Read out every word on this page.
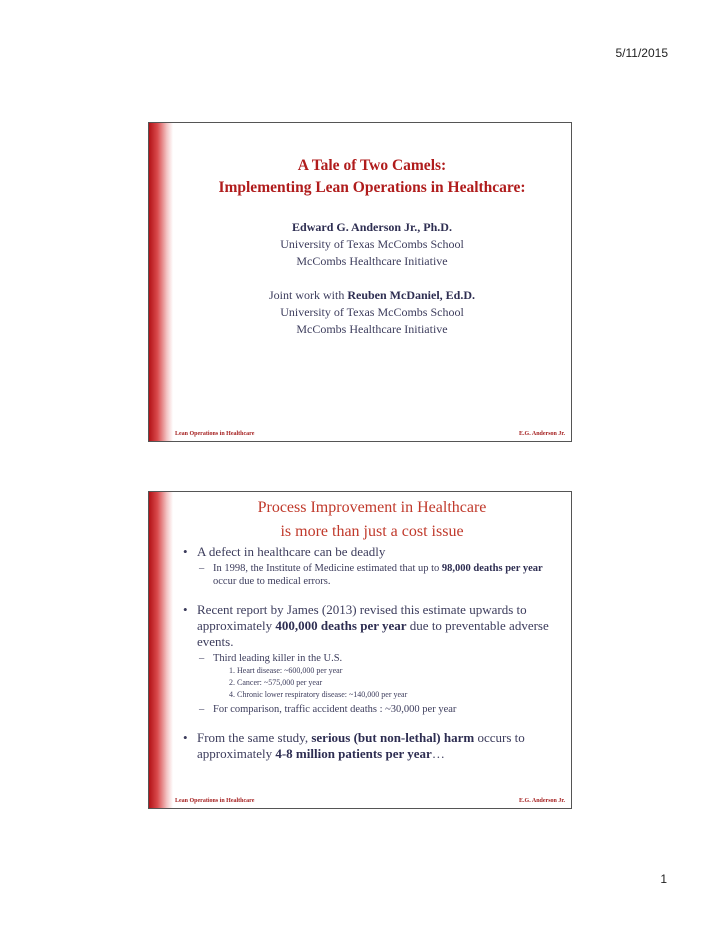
5/11/2015
A Tale of Two Camels:
Implementing Lean Operations in Healthcare:
Edward G. Anderson Jr., Ph.D.
University of Texas McCombs School
McCombs Healthcare Initiative
Joint work with Reuben McDaniel, Ed.D.
University of Texas McCombs School
McCombs Healthcare Initiative
Lean Operations in Healthcare	E.G. Anderson Jr.
Process Improvement in Healthcare
is more than just a cost issue

• A defect in healthcare can be deadly

– In 1998, the Institute of Medicine estimated that up to 98,000 deaths per year occur due to medical errors.

• Recent report by James (2013) revised this estimate upwards to approximately 400,000 deaths per year due to preventable adverse events.

– Third leading killer in the U.S.

1. Heart disease: ~600,000 per year

2. Cancer: ~575,000 per year

4. Chronic lower respiratory disease: ~140,000 per year

– For comparison, traffic accident deaths : ~30,000 per year

• From the same study, serious (but non-lethal) harm occurs to approximately 4-8 million patients per year…

Lean Operations in Healthcare	E.G. Anderson Jr.
1
